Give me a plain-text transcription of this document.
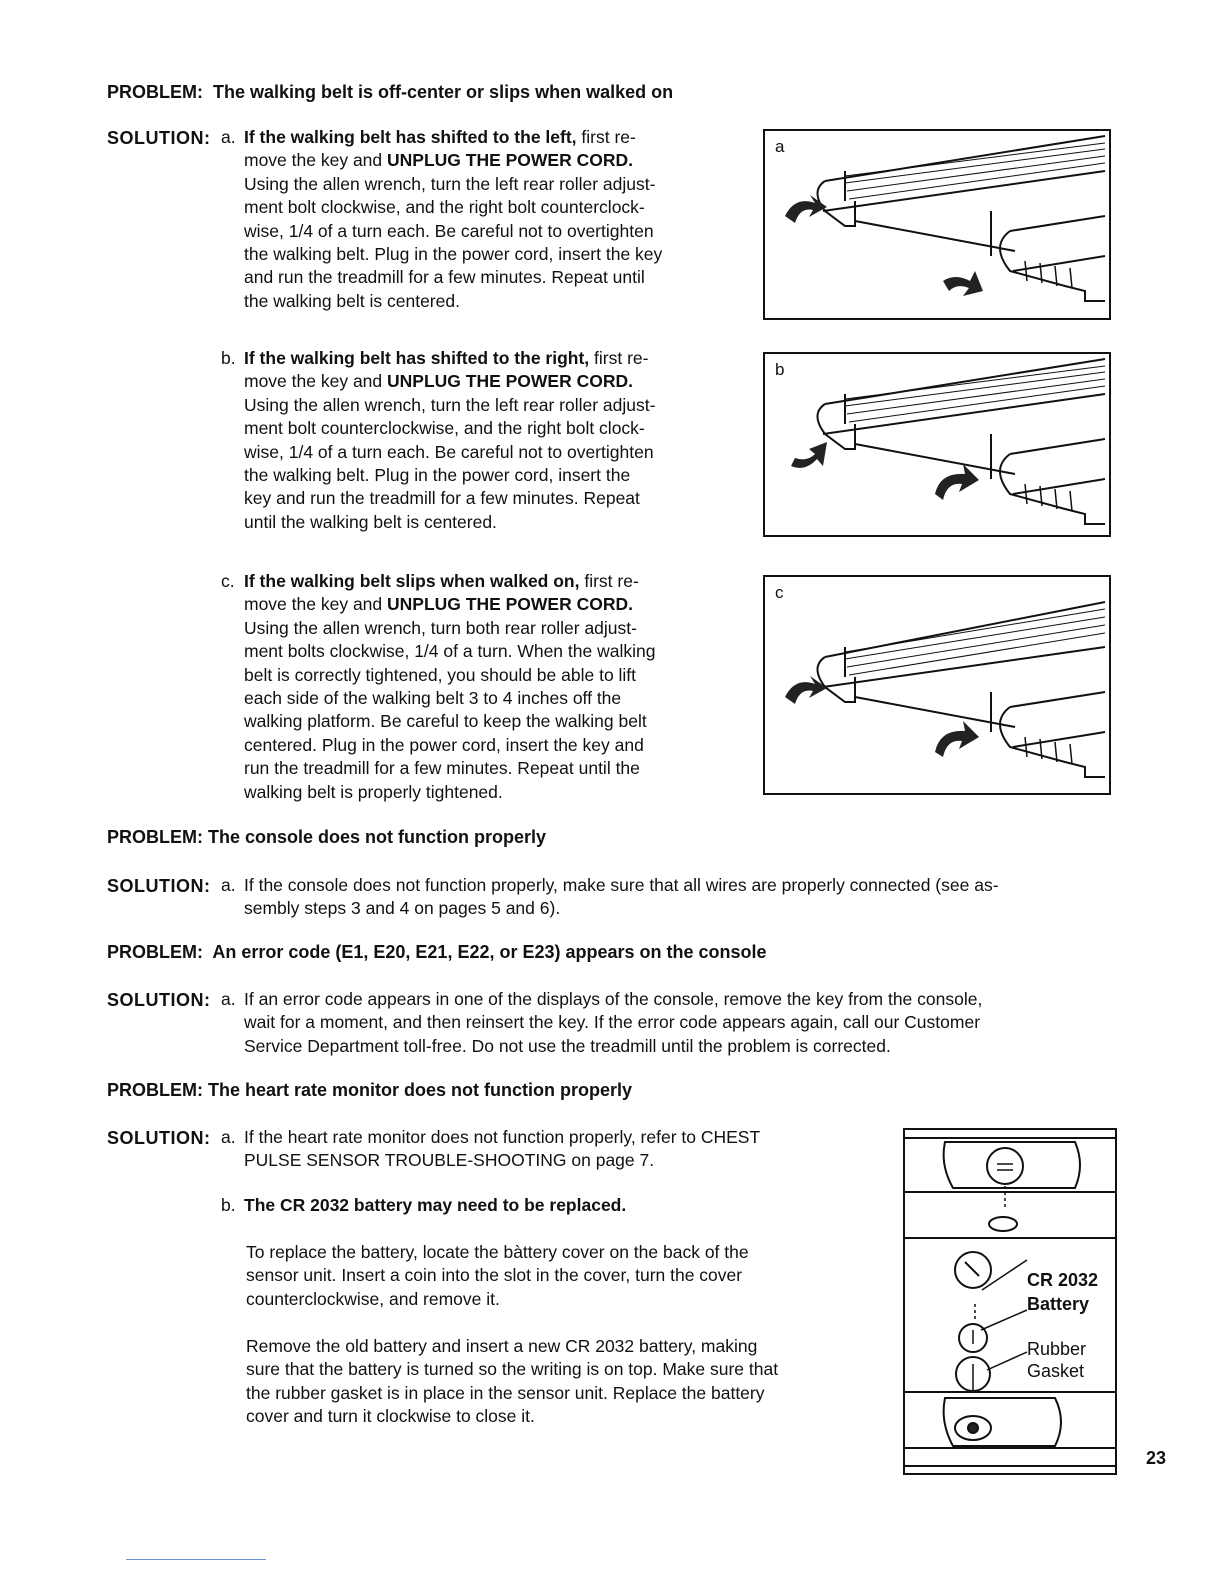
PROBLEM: The walking belt is off-center or slips when walked on
SOLUTION: a. If the walking belt has shifted to the left, first re-
move the key and UNPLUG THE POWER CORD.
Using the allen wrench, turn the left rear roller adjust-
ment bolt clockwise, and the right bolt counterclock-
wise, 1/4 of a turn each. Be careful not to overtighten
the walking belt. Plug in the power cord, insert the key
and run the treadmill for a few minutes. Repeat until
the walking belt is centered.
b. If the walking belt has shifted to the right, first re-
move the key and UNPLUG THE POWER CORD.
Using the allen wrench, turn the left rear roller adjust-
ment bolt counterclockwise, and the right bolt clock-
wise, 1/4 of a turn each. Be careful not to overtighten
the walking belt. Plug in the power cord, insert the
key and run the treadmill for a few minutes. Repeat
until the walking belt is centered.
c. If the walking belt slips when walked on, first re-
move the key and UNPLUG THE POWER CORD.
Using the allen wrench, turn both rear roller adjust-
ment bolts clockwise, 1/4 of a turn. When the walking
belt is correctly tightened, you should be able to lift
each side of the walking belt 3 to 4 inches off the
walking platform. Be careful to keep the walking belt
centered. Plug in the power cord, insert the key and
run the treadmill for a few minutes. Repeat until the
walking belt is properly tightened.
a
b
c
PROBLEM: The console does not function properly
SOLUTION: a. If the console does not function properly, make sure that all wires are properly connected (see as-
sembly steps 3 and 4 on pages 5 and 6).
PROBLEM: An error code (E1, E20, E21, E22, or E23) appears on the console
SOLUTION: a. If an error code appears in one of the displays of the console, remove the key from the console,
wait for a moment, and then reinsert the key. If the error code appears again, call our Customer
Service Department toll-free. Do not use the treadmill until the problem is corrected.
PROBLEM: The heart rate monitor does not function properly
SOLUTION: a. If the heart rate monitor does not function properly, refer to CHEST
PULSE SENSOR TROUBLE-SHOOTING on page 7.
b. The CR 2032 battery may need to be replaced.
To replace the battery, locate the bàttery cover on the back of the
sensor unit. Insert a coin into the slot in the cover, turn the cover
counterclockwise, and remove it.
Remove the old battery and insert a new CR 2032 battery, making
sure that the battery is turned so the writing is on top. Make sure that
the rubber gasket is in place in the sensor unit. Replace the battery
cover and turn it clockwise to close it.
CR 2032
Battery
Rubber
Gasket
23
